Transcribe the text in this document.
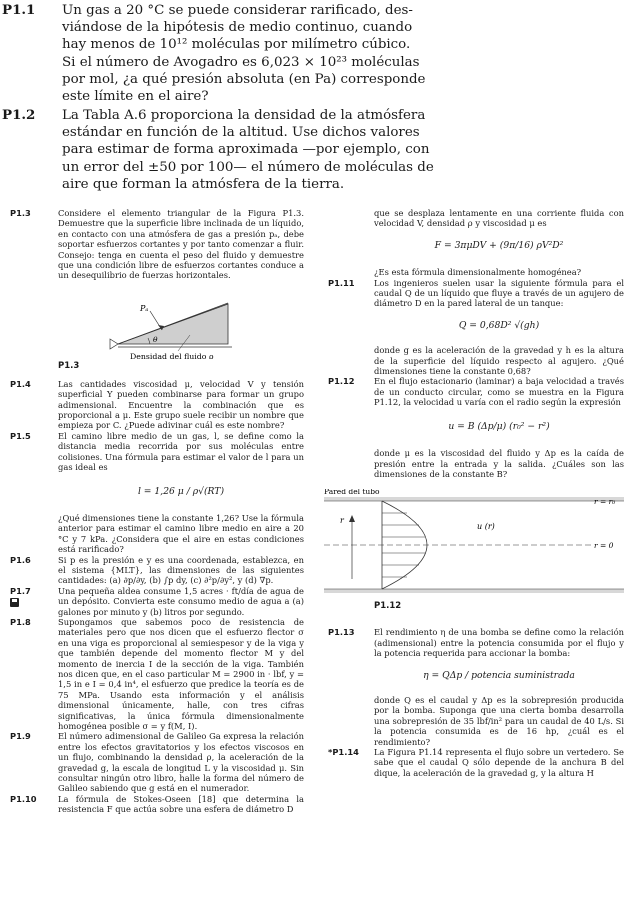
P1.1 Un gas a 20 °C se puede considerar rarificado, des-
viándose de la hipótesis de medio continuo, cuando
hay menos de 10¹² moléculas por milímetro cúbico.
Si el número de Avogadro es 6,023 × 10²³ moléculas
por mol, ¿a qué presión absoluta (en Pa) corresponde
este límite en el aire?
P1.2 La Tabla A.6 proporciona la densidad de la atmósfera
estándar en función de la altitud. Use dichos valores
para estimar de forma aproximada —por ejemplo, con
un error del ±50 por 100— el número de moléculas de
aire que forman la atmósfera de la tierra.
P1.3	Considere el elemento triangular de la Figura P1.3. Demuestre que la superficie libre inclinada de un líquido, en contacto con una atmósfera de gas a presión pₐ, debe soportar esfuerzos cortantes y por tanto comenzar a fluir. Consejo: tenga en cuenta el peso del fluido y demuestre que una condición libre de esfuerzos cortantes conduce a un desequilibrio de fuerzas horizontales.

Pₐ
θ
Densidad del fluido ρ
P1.3
P1.4	Las cantidades viscosidad μ, velocidad V y tensión superficial Y pueden combinarse para formar un grupo adimensional. Encuentre la combinación que es proporcional a μ. Este grupo suele recibir un nombre que empieza por C. ¿Puede adivinar cuál es este nombre?

P1.5	El camino libre medio de un gas, l, se define como la distancia media recorrida por sus moléculas entre colisiones. Una fórmula para estimar el valor de l para un gas ideal es

l = 1,26 μ / ρ√(RT)

¿Qué dimensiones tiene la constante 1,26? Use la fórmula anterior para estimar el camino libre medio en aire a 20 °C y 7 kPa. ¿Considera que el aire en estas condiciones está rarificado?

P1.6	Si p es la presión e y es una coordenada, establezca, en el sistema {MLT}, las dimensiones de las siguientes cantidades: (a) ∂p/∂y, (b) ∫p dy, (c) ∂²p/∂y², y (d) ∇p.

P1.7	Una pequeña aldea consume 1,5 acres · ft/día de agua de un depósito. Convierta este consumo medio de agua a (a) galones por minuto y (b) litros por segundo.

P1.8	Supongamos que sabemos poco de resistencia de materiales pero que nos dicen que el esfuerzo flector σ en una viga es proporcional al semiespesor y de la viga y que también depende del momento flector M y del momento de inercia I de la sección de la viga. También nos dicen que, en el caso particular M = 2900 in · lbf, y = 1,5 in e I = 0,4 in⁴, el esfuerzo que predice la teoría es de 75 MPa. Usando esta información y el análisis dimensional únicamente, halle, con tres cifras significativas, la única fórmula dimensionalmente homogénea posible σ = y f(M, I).

P1.9	El número adimensional de Galileo Ga expresa la relación entre los efectos gravitatorios y los efectos viscosos en un flujo, combinando la densidad ρ, la aceleración de la gravedad g, la escala de longitud L y la viscosidad μ. Sin consultar ningún otro libro, halle la forma del número de Galileo sabiendo que g está en el numerador.

P1.10	La fórmula de Stokes-Oseen [18] que determina la resistencia F que actúa sobre una esfera de diámetro D

que se desplaza lentamente en una corriente fluida con velocidad V, densidad ρ y viscosidad μ es

F = 3πμDV + (9π/16) ρV²D²

¿Es esta fórmula dimensionalmente homogénea?

P1.11 Los ingenieros suelen usar la siguiente fórmula para el caudal Q de un líquido que fluye a través de un agujero de diámetro D en la pared lateral de un tanque:

Q = 0,68D² √(gh)

donde g es la aceleración de la gravedad y h es la altura de la superficie del líquido respecto al agujero. ¿Qué dimensiones tiene la constante 0,68?

P1.12 En el flujo estacionario (laminar) a baja velocidad a través de un conducto circular, como se muestra en la Figura P1.12, la velocidad u varía con el radio según la expresión

u = B (Δp/μ) (r₀² − r²)

donde μ es la viscosidad del fluido y Δp es la caída de presión entre la entrada y la salida. ¿Cuáles son las dimensiones de la constante B?

Pared del tubo
r
u (r)
r = r₀
r = 0
P1.12
P1.13 El rendimiento η de una bomba se define como la relación (adimensional) entre la potencia consumida por el flujo y la potencia requerida para accionar la bomba:

η = QΔp / potencia suministrada

donde Q es el caudal y Δp es la sobrepresión producida por la bomba. Suponga que una cierta bomba desarrolla una sobrepresión de 35 lbf/in² para un caudal de 40 L/s. Si la potencia consumida es de 16 hp, ¿cuál es el rendimiento?

*P1.14 La Figura P1.14 representa el flujo sobre un vertedero. Se sabe que el caudal Q sólo depende de la anchura B del dique, la aceleración de la gravedad g, y la altura H
